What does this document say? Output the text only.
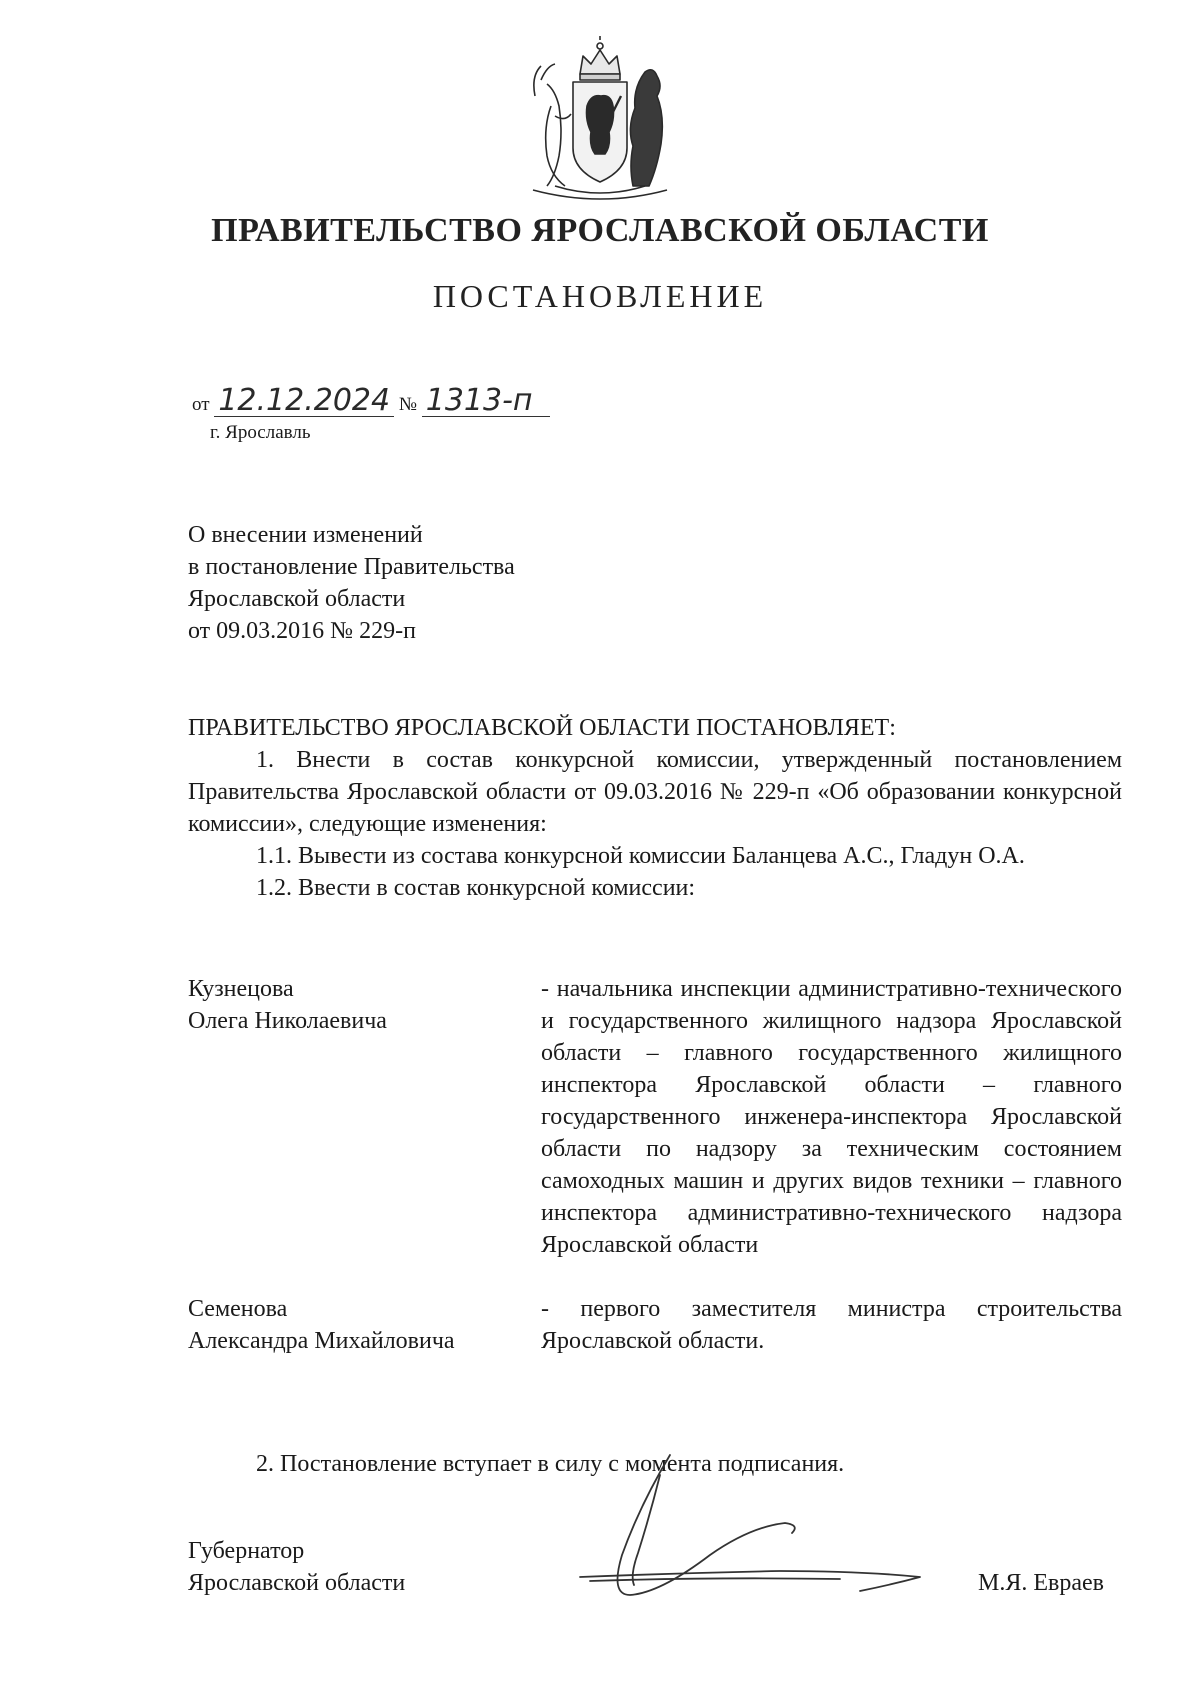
ПРАВИТЕЛЬСТВО ЯРОСЛАВСКОЙ ОБЛАСТИ
ПОСТАНОВЛЕНИЕ
от 12.12.2024 № 1313-п
г. Ярославль
О внесении изменений
в постановление Правительства
Ярославской области
от 09.03.2016 № 229-п

ПРАВИТЕЛЬСТВО ЯРОСЛАВСКОЙ ОБЛАСТИ ПОСТАНОВЛЯЕТ:

1. Внести в состав конкурсной комиссии, утвержденный постановлением Правительства Ярославской области от 09.03.2016 № 229-п «Об образовании конкурсной комиссии», следующие изменения:

1.1. Вывести из состава конкурсной комиссии Баланцева А.С., Гладун О.А.

1.2. Ввести в состав конкурсной комиссии:

Кузнецова
Олега Николаевича
- начальника инспекции административно-технического и государственного жилищного надзора Ярославской области – главного государственного жилищного инспектора Ярославской области – главного государственного инженера-инспектора Ярославской области по надзору за техническим состоянием самоходных машин и других видов техники – главного инспектора административно-технического надзора Ярославской области
Семенова
Александра Михайловича
- первого заместителя министра строительства Ярославской области.
2. Постановление вступает в силу с момента подписания.
Губернатор
Ярославской области	М.Я. Евраев
